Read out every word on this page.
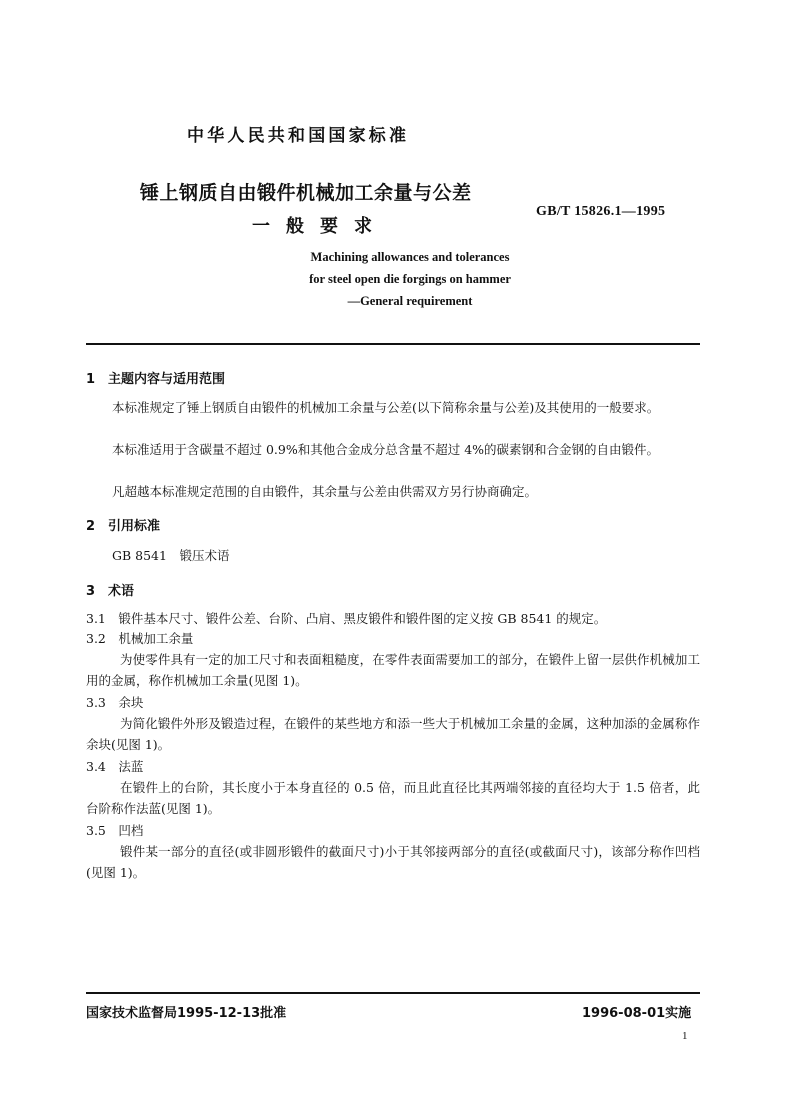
中华人民共和国国家标准
锤上钢质自由锻件机械加工余量与公差
一般要求
GB/T 15826.1—1995
Machining allowances and tolerances
for steel open die forgings on hammer
—General requirement
1　主题内容与适用范围
本标准规定了锤上钢质自由锻件的机械加工余量与公差(以下简称余量与公差)及其使用的一般要求。
本标准适用于含碳量不超过 0.9%和其他合金成分总含量不超过 4%的碳素钢和合金钢的自由锻件。
凡超越本标准规定范围的自由锻件，其余量与公差由供需双方另行协商确定。
2　引用标准
GB 8541　锻压术语
3　术语
3.1　锻件基本尺寸、锻件公差、台阶、凸肩、黑皮锻件和锻件图的定义按 GB 8541 的规定。
3.2　机械加工余量
为使零件具有一定的加工尺寸和表面粗糙度，在零件表面需要加工的部分，在锻件上留一层供作机械加工用的金属，称作机械加工余量(见图 1)。
3.3　余块
为简化锻件外形及锻造过程，在锻件的某些地方和添一些大于机械加工余量的金属，这种加添的金属称作余块(见图 1)。
3.4　法蓝
在锻件上的台阶，其长度小于本身直径的 0.5 倍，而且此直径比其两端邻接的直径均大于 1.5 倍者，此台阶称作法蓝(见图 1)。
3.5　凹档
锻件某一部分的直径(或非圆形锻件的截面尺寸)小于其邻接两部分的直径(或截面尺寸)，该部分称作凹档(见图 1)。
国家技术监督局1995-12-13批准	1996-08-01实施
1
